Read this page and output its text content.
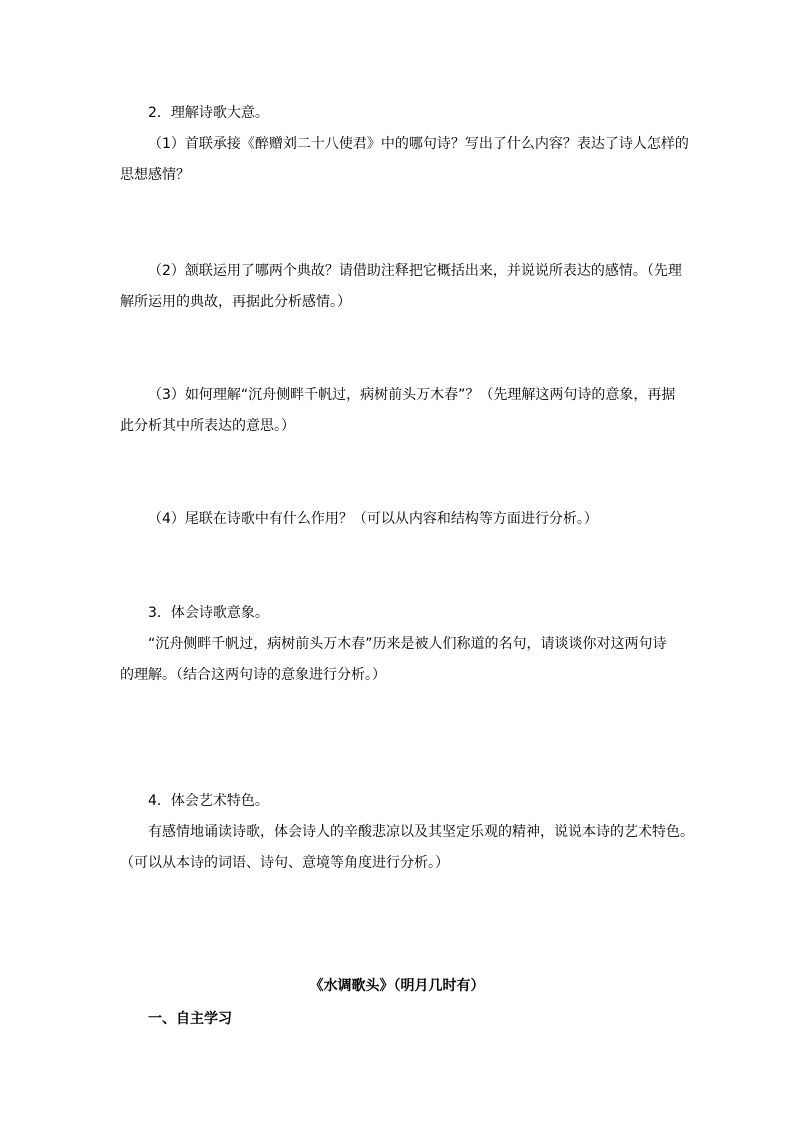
2．理解诗歌大意。
（1）首联承接《醉赠刘二十八使君》中的哪句诗？写出了什么内容？表达了诗人怎样的
思想感情？
（2）颔联运用了哪两个典故？请借助注释把它概括出来，并说说所表达的感情。（先理
解所运用的典故，再据此分析感情。）
（3）如何理解“沉舟侧畔千帆过，病树前头万木春”？（先理解这两句诗的意象，再据
此分析其中所表达的意思。）
（4）尾联在诗歌中有什么作用？（可以从内容和结构等方面进行分析。）
3．体会诗歌意象。
“沉舟侧畔千帆过，病树前头万木春”历来是被人们称道的名句，请谈谈你对这两句诗
的理解。（结合这两句诗的意象进行分析。）
4．体会艺术特色。
有感情地诵读诗歌，体会诗人的辛酸悲凉以及其坚定乐观的精神，说说本诗的艺术特色。
（可以从本诗的词语、诗句、意境等角度进行分析。）
《水调歌头》（明月几时有）
一、自主学习
